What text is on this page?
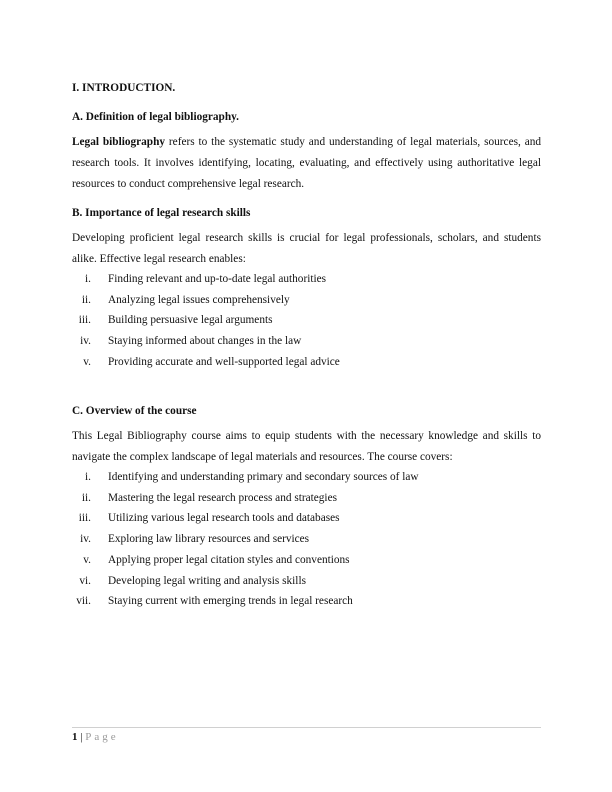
I. INTRODUCTION.
A. Definition of legal bibliography.
Legal bibliography refers to the systematic study and understanding of legal materials, sources, and research tools. It involves identifying, locating, evaluating, and effectively using authoritative legal resources to conduct comprehensive legal research.
B. Importance of legal research skills
Developing proficient legal research skills is crucial for legal professionals, scholars, and students alike. Effective legal research enables:
i. Finding relevant and up-to-date legal authorities
ii. Analyzing legal issues comprehensively
iii. Building persuasive legal arguments
iv. Staying informed about changes in the law
v. Providing accurate and well-supported legal advice
C. Overview of the course
This Legal Bibliography course aims to equip students with the necessary knowledge and skills to navigate the complex landscape of legal materials and resources. The course covers:
i. Identifying and understanding primary and secondary sources of law
ii. Mastering the legal research process and strategies
iii. Utilizing various legal research tools and databases
iv. Exploring law library resources and services
v. Applying proper legal citation styles and conventions
vi. Developing legal writing and analysis skills
vii. Staying current with emerging trends in legal research
1 | Page
